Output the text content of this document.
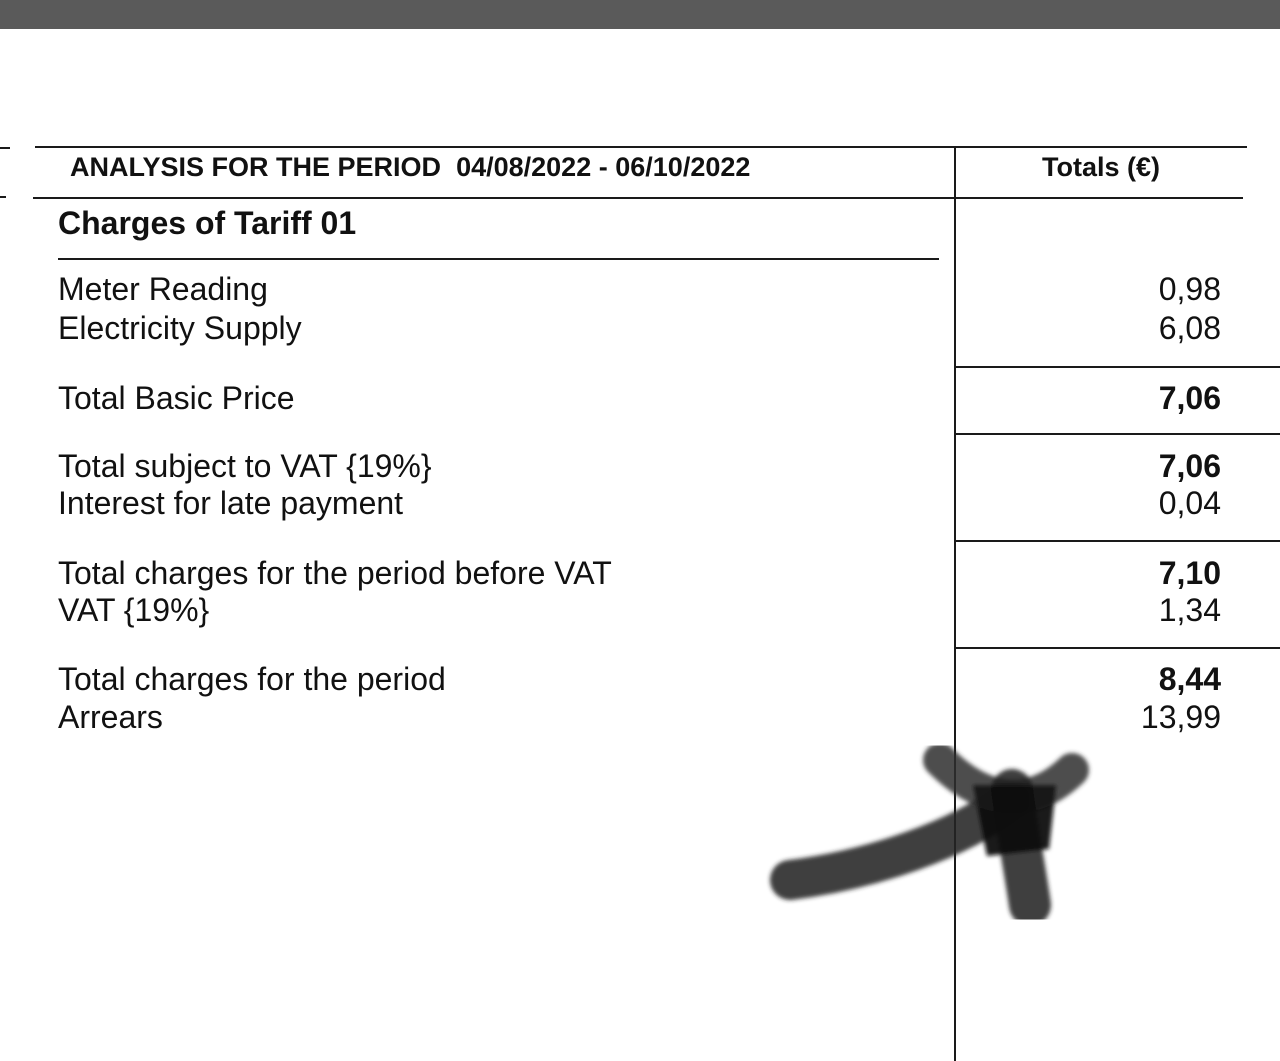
ANALYSIS FOR THE PERIOD 04/08/2022 - 06/10/2022	Totals (€)
Charges of Tariff 01
Meter Reading
Electricity Supply
Total Basic Price
Total subject to VAT {19%}
Interest for late payment
Total charges for the period before VAT
VAT {19%}
Total charges for the period
Arrears
0,98
6,08
7,06
7,06
0,04
7,10
1,34
8,44
13,99
